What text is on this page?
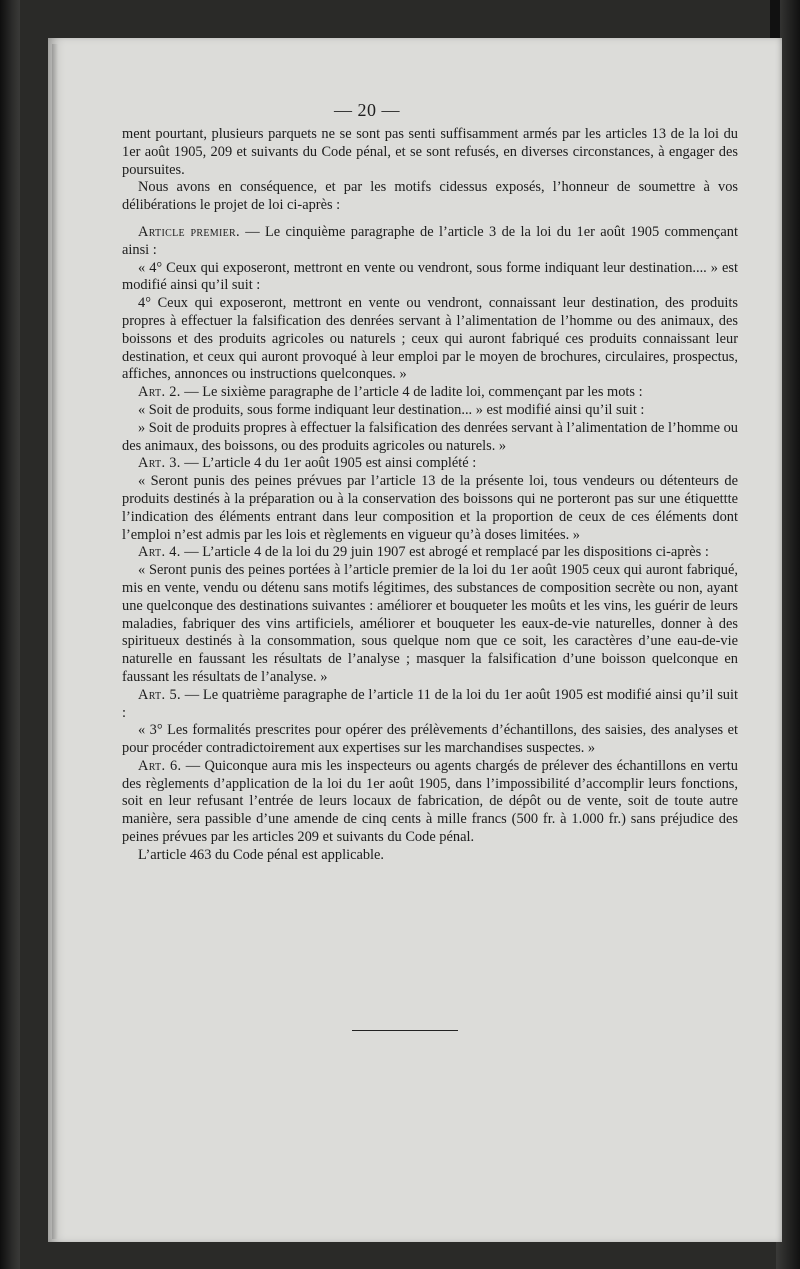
— 20 —

ment pourtant, plusieurs parquets ne se sont pas senti suffisamment armés par les articles 13 de la loi du 1er août 1905, 209 et suivants du Code pénal, et se sont refusés, en diverses circonstances, à engager des poursuites.

Nous avons en conséquence, et par les motifs cidessus exposés, l’honneur de soumettre à vos délibérations le projet de loi ci-après :

Article premier. — Le cinquième paragraphe de l’article 3 de la loi du 1er août 1905 commençant ainsi :

« 4° Ceux qui exposeront, mettront en vente ou vendront, sous forme indiquant leur destination.... » est modifié ainsi qu’il suit :

4° Ceux qui exposeront, mettront en vente ou vendront, connaissant leur destination, des produits propres à effectuer la falsification des denrées servant à l’alimentation de l’homme ou des animaux, des boissons et des produits agricoles ou naturels ; ceux qui auront fabriqué ces produits connaissant leur destination, et ceux qui auront provoqué à leur emploi par le moyen de brochures, circulaires, prospectus, affiches, annonces ou instructions quelconques. »

Art. 2. — Le sixième paragraphe de l’article 4 de ladite loi, commençant par les mots :

« Soit de produits, sous forme indiquant leur destination... » est modifié ainsi qu’il suit :

» Soit de produits propres à effectuer la falsification des denrées servant à l’alimentation de l’homme ou des animaux, des boissons, ou des produits agricoles ou naturels. »

Art. 3. — L’article 4 du 1er août 1905 est ainsi complété :

« Seront punis des peines prévues par l’article 13 de la présente loi, tous vendeurs ou détenteurs de produits destinés à la préparation ou à la conservation des boissons qui ne porteront pas sur une étiquettte l’indication des éléments entrant dans leur composition et la proportion de ceux de ces éléments dont l’emploi n’est admis par les lois et règlements en vigueur qu’à doses limitées. »

Art. 4. — L’article 4 de la loi du 29 juin 1907 est abrogé et remplacé par les dispositions ci-après :

« Seront punis des peines portées à l’article premier de la loi du 1er août 1905 ceux qui auront fabriqué, mis en vente, vendu ou détenu sans motifs légitimes, des substances de composition secrète ou non, ayant une quelconque des destinations suivantes : améliorer et bouqueter les moûts et les vins, les guérir de leurs maladies, fabriquer des vins artificiels, améliorer et bouqueter les eaux-de-vie naturelles, donner à des spiritueux destinés à la consommation, sous quelque nom que ce soit, les caractères d’une eau-de-vie naturelle en faussant les résultats de l’analyse ; masquer la falsification d’une boisson quelconque en faussant les résultats de l’analyse. »

Art. 5. — Le quatrième paragraphe de l’article 11 de la loi du 1er août 1905 est modifié ainsi qu’il suit :

« 3° Les formalités prescrites pour opérer des prélèvements d’échantillons, des saisies, des analyses et pour procéder contradictoirement aux expertises sur les marchandises suspectes. »

Art. 6. — Quiconque aura mis les inspecteurs ou agents chargés de prélever des échantillons en vertu des règlements d’application de la loi du 1er août 1905, dans l’impossibilité d’accomplir leurs fonctions, soit en leur refusant l’entrée de leurs locaux de fabrication, de dépôt ou de vente, soit de toute autre manière, sera passible d’une amende de cinq cents à mille francs (500 fr. à 1.000 fr.) sans préjudice des peines prévues par les articles 209 et suivants du Code pénal.

L’article 463 du Code pénal est applicable.
